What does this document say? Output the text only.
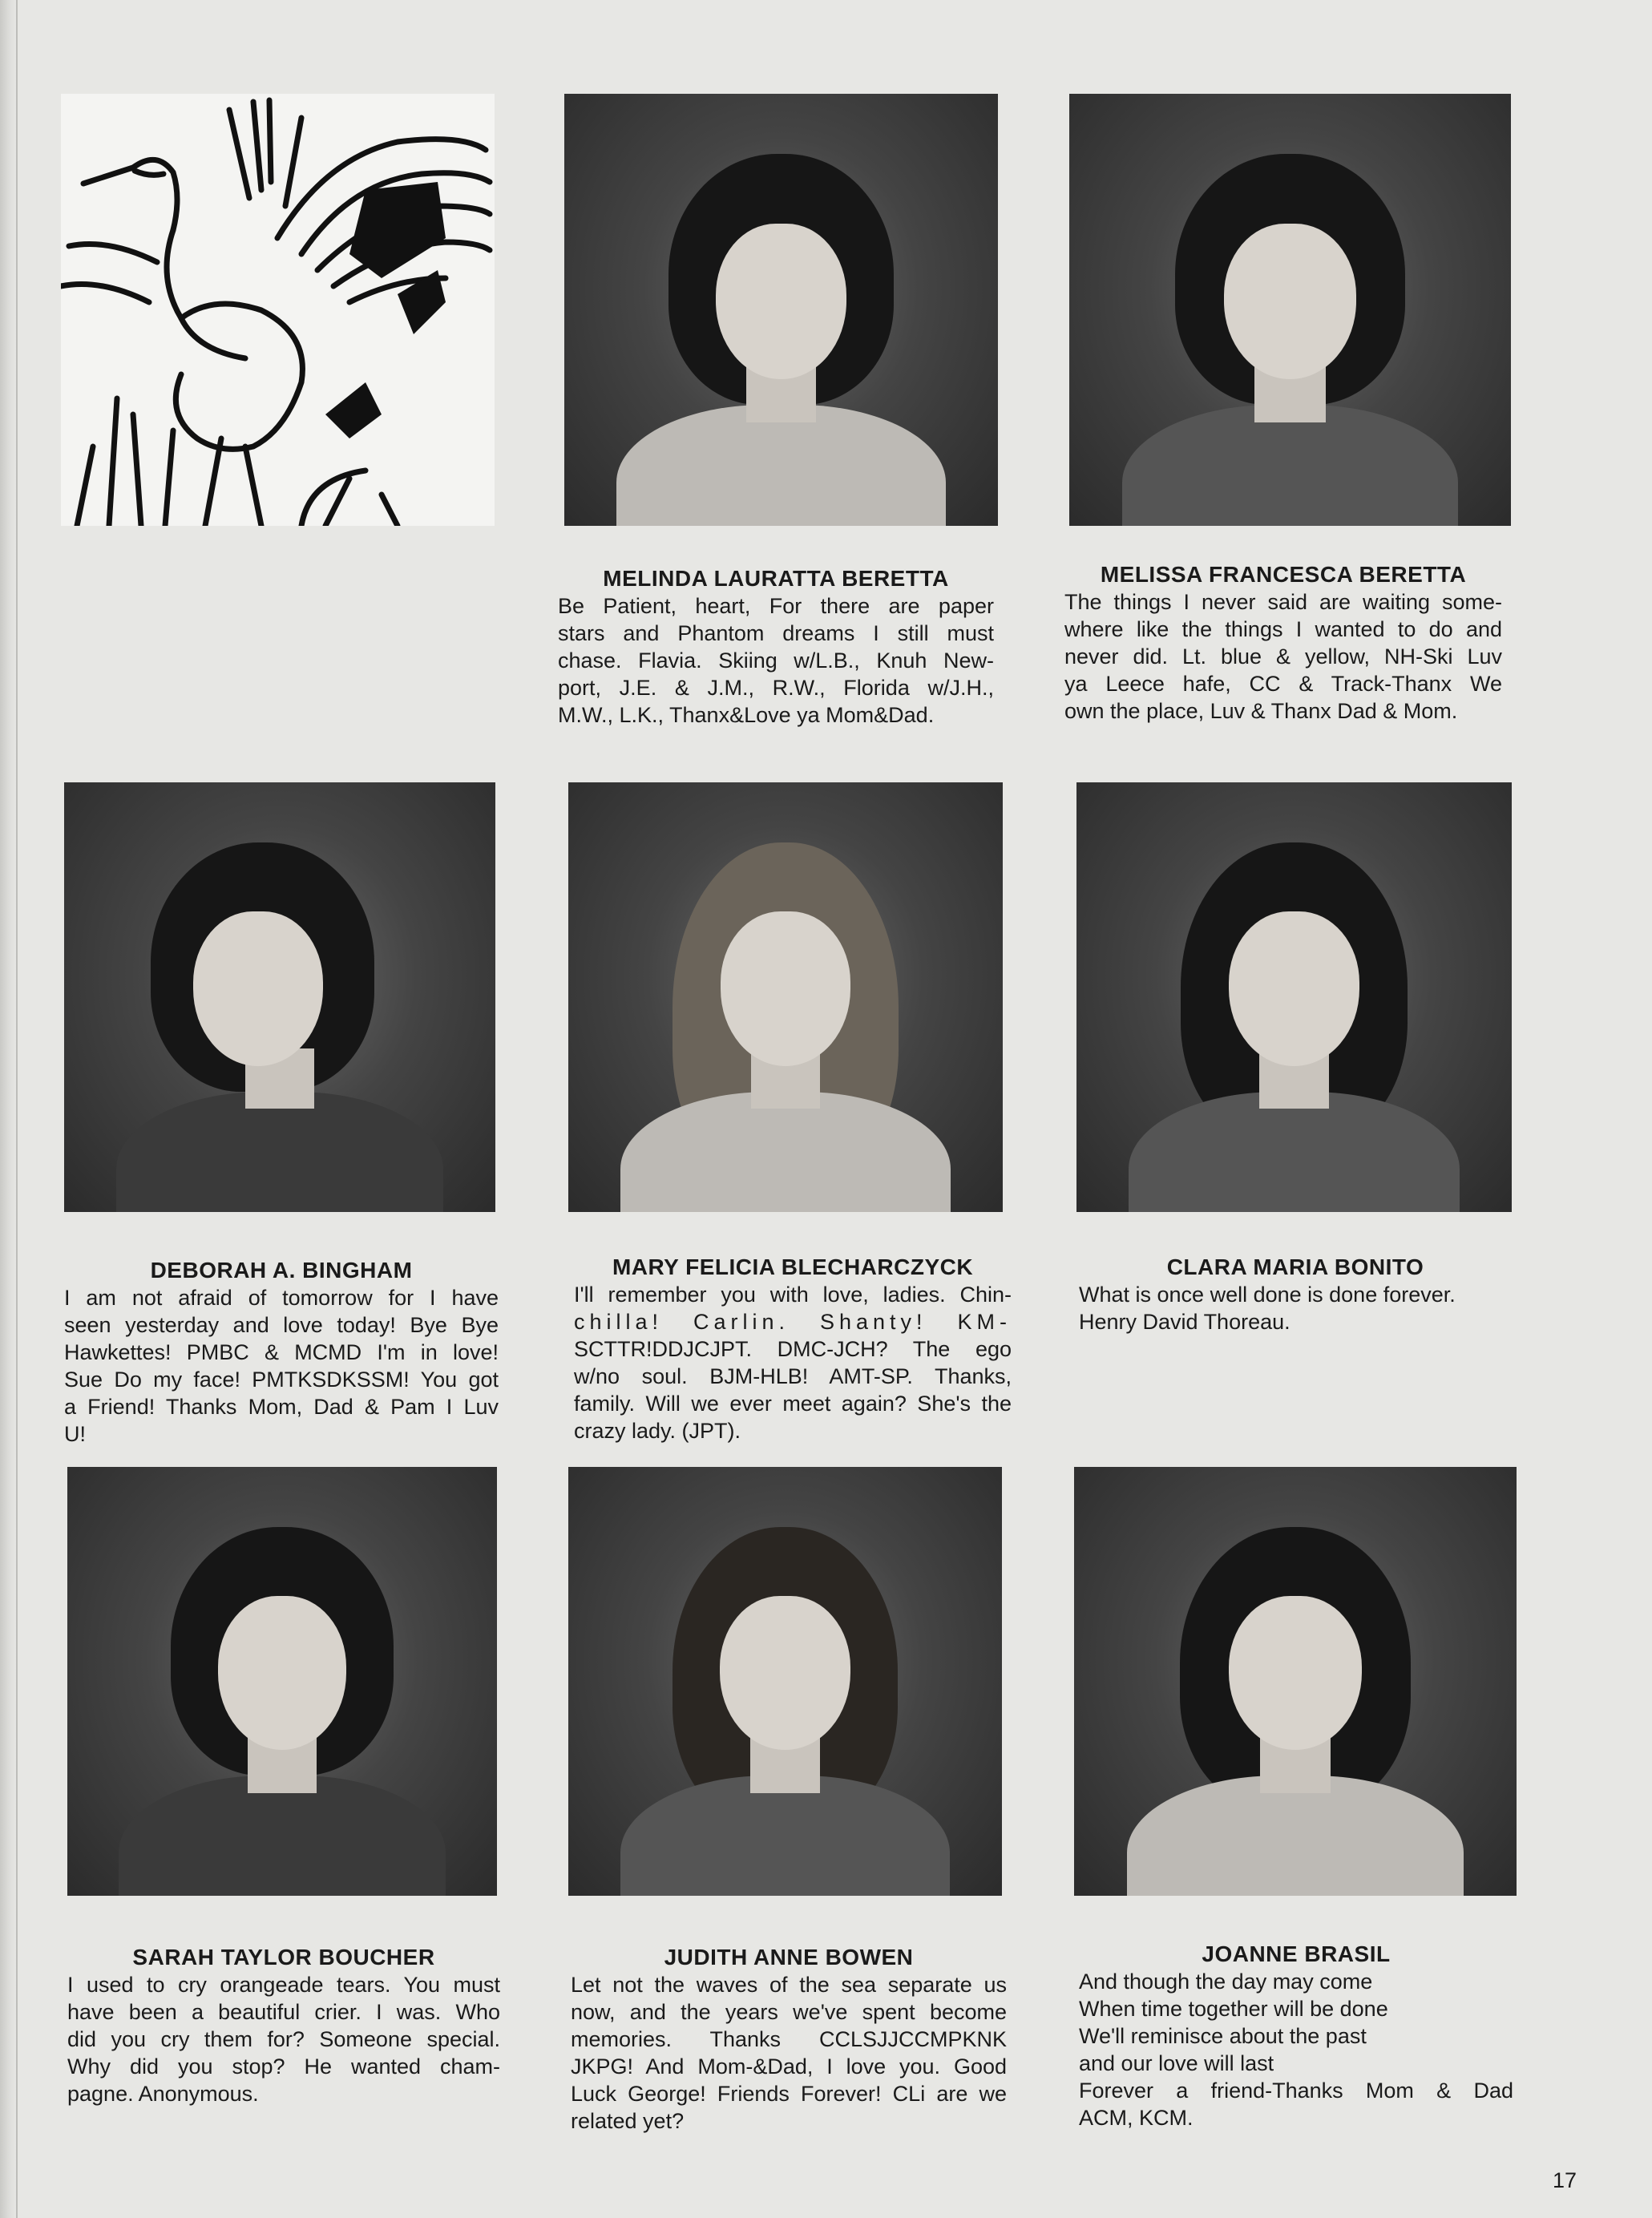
MELINDA LAURATTA BERETTA
Be Patient, heart, For there are paper
stars and Phantom dreams I still must
chase. Flavia. Skiing w/L.B., Knuh New-
port, J.E. & J.M., R.W., Florida w/J.H.,
M.W., L.K., Thanx&Love ya Mom&Dad.
MELISSA FRANCESCA BERETTA
The things I never said are waiting some-
where like the things I wanted to do and
never did. Lt. blue & yellow, NH-Ski Luv
ya Leece hafe, CC & Track-Thanx We
own the place, Luv & Thanx Dad & Mom.
DEBORAH A. BINGHAM
I am not afraid of tomorrow for I have
seen yesterday and love today! Bye Bye
Hawkettes! PMBC & MCMD I'm in love!
Sue Do my face! PMTKSDKSSM! You got
a Friend! Thanks Mom, Dad & Pam I Luv
U!
MARY FELICIA BLECHARCZYCK
I'll remember you with love, ladies. Chin-
chilla! Carlin. Shanty! KM-
SCTTR!DDJCJPT. DMC-JCH? The ego
w/no soul. BJM-HLB! AMT-SP. Thanks,
family. Will we ever meet again? She's the
crazy lady. (JPT).
CLARA MARIA BONITO
What is once well done is done forever.
Henry David Thoreau.
SARAH TAYLOR BOUCHER
I used to cry orangeade tears. You must
have been a beautiful crier. I was. Who
did you cry them for? Someone special.
Why did you stop? He wanted cham-
pagne. Anonymous.
JUDITH ANNE BOWEN
Let not the waves of the sea separate us
now, and the years we've spent become
memories. Thanks CCLSJJCCMPKNK
JKPG! And Mom-&Dad, I love you. Good
Luck George! Friends Forever! CLi are we
related yet?
JOANNE BRASIL
And though the day may come
When time together will be done
We'll reminisce about the past
and our love will last
Forever a friend-Thanks Mom & Dad
ACM, KCM.
17
